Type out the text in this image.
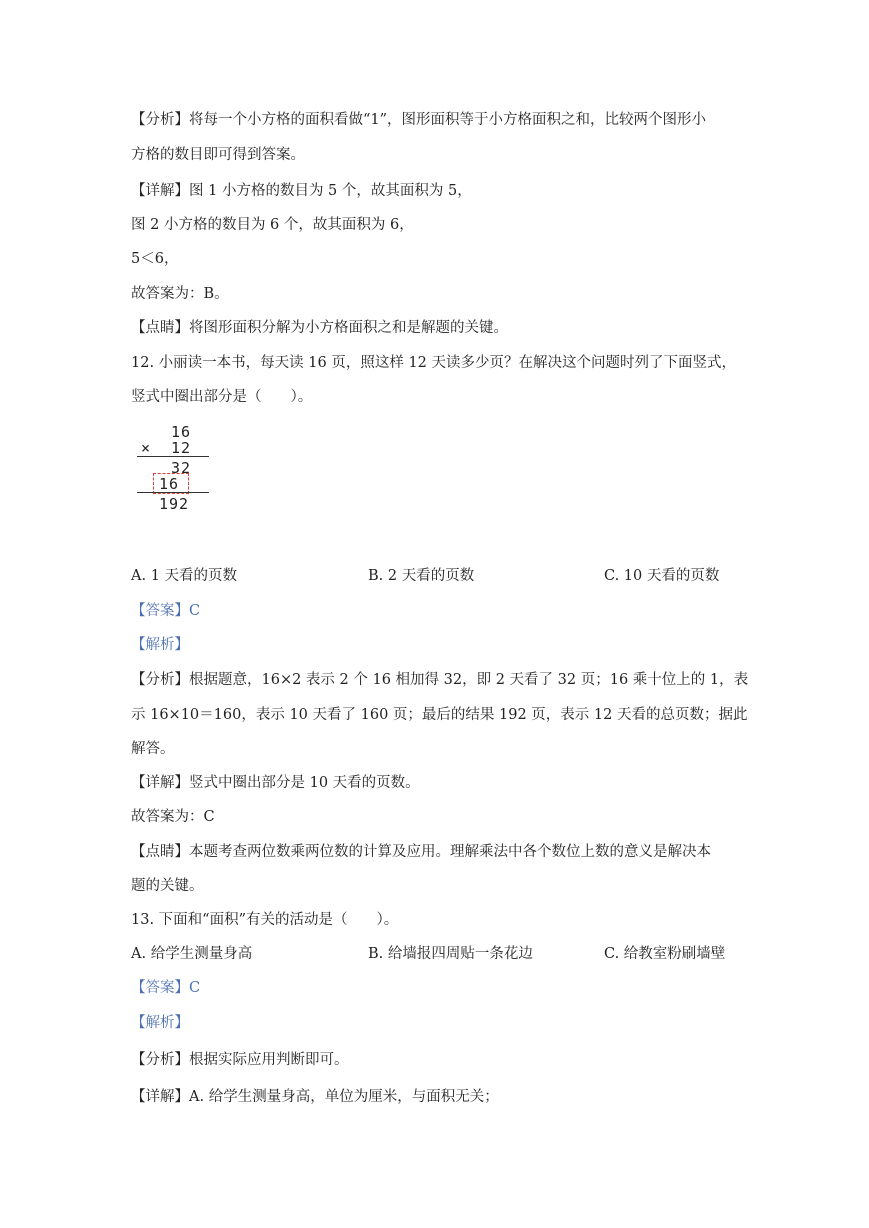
【分析】将每一个小方格的面积看做“1”，图形面积等于小方格面积之和，比较两个图形小
方格的数目即可得到答案。
【详解】图 1 小方格的数目为 5 个，故其面积为 5，
图 2 小方格的数目为 6 个，故其面积为 6，
5＜6，
故答案为：B。
【点睛】将图形面积分解为小方格面积之和是解题的关键。
12. 小丽读一本书，每天读 16 页，照这样 12 天读多少页？在解决这个问题时列了下面竖式，
竖式中圈出部分是（　　）。
16
× 12
32
16
192
A. 1 天看的页数	B. 2 天看的页数	C. 10 天看的页数
【答案】C
【解析】
【分析】根据题意，16×2 表示 2 个 16 相加得 32，即 2 天看了 32 页；16 乘十位上的 1，表
示 16×10＝160，表示 10 天看了 160 页；最后的结果 192 页，表示 12 天看的总页数；据此
解答。
【详解】竖式中圈出部分是 10 天看的页数。
故答案为：C
【点睛】本题考查两位数乘两位数的计算及应用。理解乘法中各个数位上数的意义是解决本
题的关键。
13. 下面和“面积”有关的活动是（　　）。
A. 给学生测量身高	B. 给墙报四周贴一条花边	C. 给教室粉刷墙壁
【答案】C
【解析】
【分析】根据实际应用判断即可。
【详解】A. 给学生测量身高，单位为厘米，与面积无关；
